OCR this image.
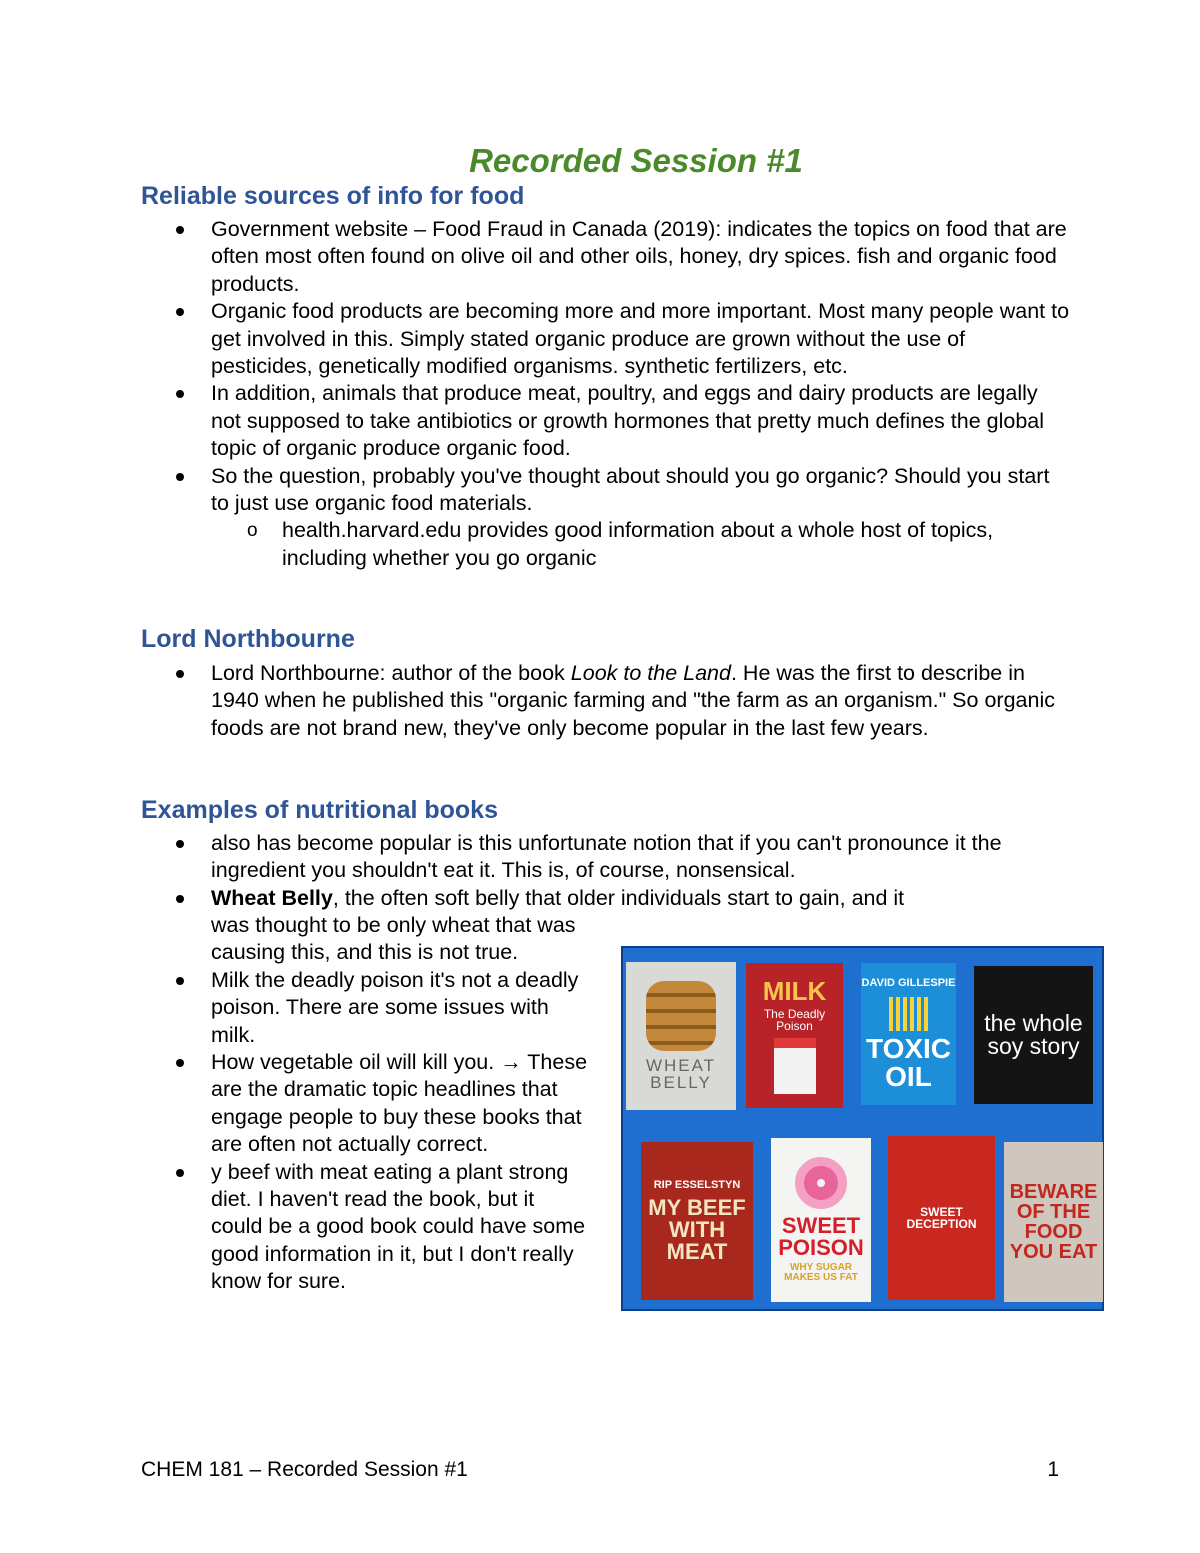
Recorded Session #1
Reliable sources of info for food
Government website – Food Fraud in Canada (2019): indicates the topics on food that are often most often found on olive oil and other oils, honey, dry spices. fish and organic food products.
Organic food products are becoming more and more important. Most many people want to get involved in this. Simply stated organic produce are grown without the use of pesticides, genetically modified organisms. synthetic fertilizers, etc.
In addition, animals that produce meat, poultry, and eggs and dairy products are legally not supposed to take antibiotics or growth hormones that pretty much defines the global topic of organic produce organic food.
So the question, probably you've thought about should you go organic? Should you start to just use organic food materials.
o health.harvard.edu provides good information about a whole host of topics, including whether you go organic
Lord Northbourne
Lord Northbourne: author of the book Look to the Land. He was the first to describe in 1940 when he published this "organic farming and "the farm as an organism." So organic foods are not brand new, they've only become popular in the last few years.
Examples of nutritional books
also has become popular is this unfortunate notion that if you can't pronounce it the ingredient you shouldn't eat it. This is, of course, nonsensical.
Wheat Belly, the often soft belly that older individuals start to gain, and it
was thought to be only wheat that was causing this, and this is not true.
Milk the deadly poison it's not a deadly poison. There are some issues with milk.
How vegetable oil will kill you. → These are the dramatic topic headlines that engage people to buy these books that are often not actually correct.
y beef with meat eating a plant strong diet. I haven't read the book, but it could be a good book could have some good information in it, but I don't really know for sure.
WHEAT BELLY
MILK
The Deadly Poison
DAVID GILLESPIE
TOXIC OIL
the whole soy story
RIP ESSELSTYN
MY BEEF WITH MEAT
SWEET POISON
WHY SUGAR MAKES US FAT
SWEET DECEPTION
BEWARE OF THE FOOD YOU EAT
CHEM 181 – Recorded Session #1	1
